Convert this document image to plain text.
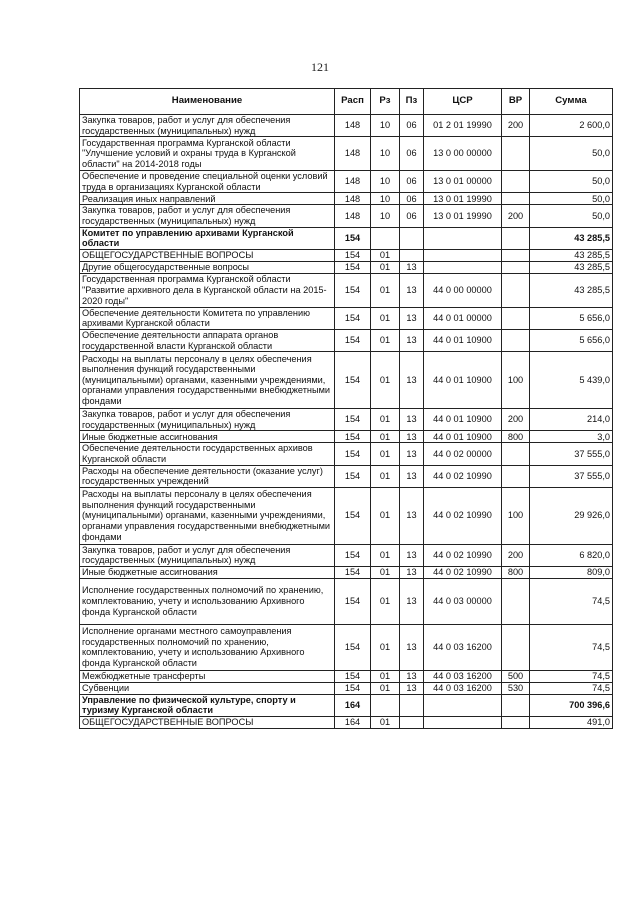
121
Наименование	Расп	Рз	Пз	ЦСР	ВР	Сумма
Закупка товаров, работ и услуг для обеспечения государственных (муниципальных) нужд	148	10	06	01 2 01 19990	200	2 600,0
Государственная программа Курганской области "Улучшение условий и охраны труда в Курганской области" на 2014-2018 годы	148	10	06	13 0 00 00000		50,0
Обеспечение и проведение специальной оценки условий труда в организациях Курганской области	148	10	06	13 0 01 00000		50,0
Реализация иных направлений	148	10	06	13 0 01 19990		50,0
Закупка товаров, работ и услуг для обеспечения государственных (муниципальных) нужд	148	10	06	13 0 01 19990	200	50,0
Комитет по управлению архивами Курганской области	154					43 285,5
ОБЩЕГОСУДАРСТВЕННЫЕ ВОПРОСЫ	154	01				43 285,5
Другие общегосударственные вопросы	154	01	13			43 285,5
Государственная программа Курганской области "Развитие архивного дела в Курганской области на 2015-2020 годы"	154	01	13	44 0 00 00000		43 285,5
Обеспечение деятельности Комитета по управлению архивами Курганской области	154	01	13	44 0 01 00000		5 656,0
Обеспечение деятельности аппарата органов государственной власти Курганской области	154	01	13	44 0 01 10900		5 656,0
Расходы на выплаты персоналу в целях обеспечения выполнения функций государственными (муниципальными) органами, казенными учреждениями, органами управления государственными внебюджетными фондами	154	01	13	44 0 01 10900	100	5 439,0
Закупка товаров, работ и услуг для обеспечения государственных (муниципальных) нужд	154	01	13	44 0 01 10900	200	214,0
Иные бюджетные ассигнования	154	01	13	44 0 01 10900	800	3,0
Обеспечение деятельности государственных архивов Курганской области	154	01	13	44 0 02 00000		37 555,0
Расходы на обеспечение деятельности (оказание услуг) государственных учреждений	154	01	13	44 0 02 10990		37 555,0
Расходы на выплаты персоналу в целях обеспечения выполнения функций государственными (муниципальными) органами, казенными учреждениями, органами управления государственными внебюджетными фондами	154	01	13	44 0 02 10990	100	29 926,0
Закупка товаров, работ и услуг для обеспечения государственных (муниципальных) нужд	154	01	13	44 0 02 10990	200	6 820,0
Иные бюджетные ассигнования	154	01	13	44 0 02 10990	800	809,0
Исполнение государственных полномочий по хранению, комплектованию, учету и использованию Архивного фонда Курганской области	154	01	13	44 0 03 00000		74,5
Исполнение органами местного самоуправления государственных полномочий по хранению, комплектованию, учету и использованию Архивного фонда Курганской области	154	01	13	44 0 03 16200		74,5
Межбюджетные трансферты	154	01	13	44 0 03 16200	500	74,5
Субвенции	154	01	13	44 0 03 16200	530	74,5
Управление по физической культуре, спорту и туризму Курганской области	164					700 396,6
ОБЩЕГОСУДАРСТВЕННЫЕ ВОПРОСЫ	164	01				491,0
